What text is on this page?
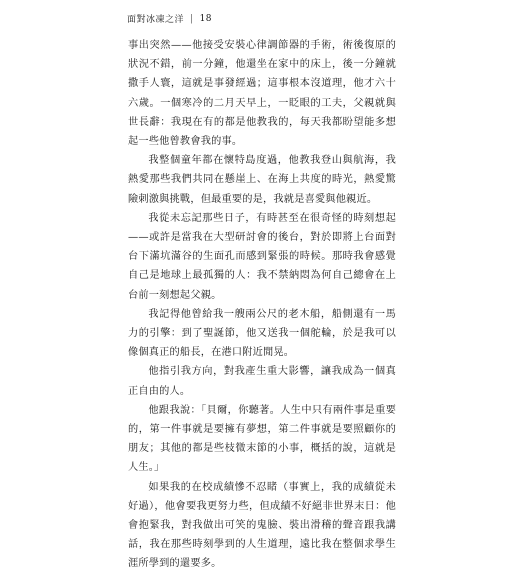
面對冰凍之洋 | 18

事出突然——他接受安裝心律調節器的手術，術後復原的狀況不錯，前一分鐘，他還坐在家中的床上，後一分鐘就撒手人寰，這就是事發經過；這事根本沒道理，他才六十六歲。一個寒冷的二月天早上，一眨眼的工夫，父親就與世長辭：我現在有的都是他教我的，每天我都盼望能多想起一些他曾教會我的事。

我整個童年都在懷特島度過，他教我登山與航海，我熱愛那些我們共同在懸崖上、在海上共度的時光，熱愛驚險刺激與挑戰，但最重要的是，我就是喜愛與他親近。

我從未忘記那些日子，有時甚至在很奇怪的時刻想起——或許是當我在大型研討會的後台，對於即將上台面對台下滿坑滿谷的生面孔而感到緊張的時候。那時我會感覺自己是地球上最孤獨的人：我不禁納悶為何自己總會在上台前一刻想起父親。

我記得他曾給我一艘兩公尺的老木船，船側還有一馬力的引擎：到了聖誕節，他又送我一個舵輪，於是我可以像個真正的船長，在港口附近閒晃。

他指引我方向，對我產生重大影響，讓我成為一個真正自由的人。

他跟我說：「貝爾，你聽著。人生中只有兩件事是重要的，第一件事就是要擁有夢想，第二件事就是要照顧你的朋友；其他的都是些枝微末節的小事，概括的說，這就是人生。」

如果我的在校成績慘不忍睹（事實上，我的成績從未好過），他會要我更努力些，但成績不好絕非世界末日：他會抱緊我，對我做出可笑的鬼臉、裝出滑稽的聲音跟我講話，我在那些時刻學到的人生道理，遠比我在整個求學生涯所學到的還要多。
